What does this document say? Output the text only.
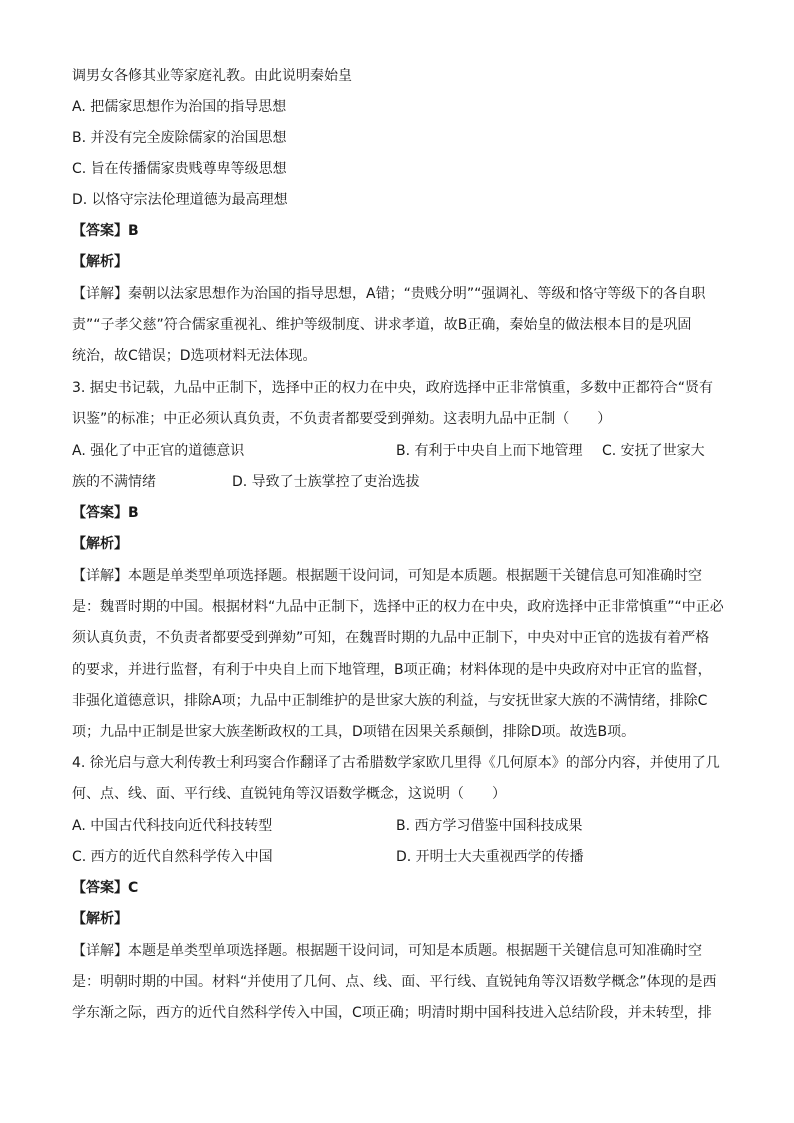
调男女各修其业等家庭礼教。由此说明秦始皇
A. 把儒家思想作为治国的指导思想
B. 并没有完全废除儒家的治国思想
C. 旨在传播儒家贵贱尊卑等级思想
D. 以恪守宗法伦理道德为最高理想
【答案】B
【解析】
【详解】秦朝以法家思想作为治国的指导思想，A错；“贵贱分明”“强调礼、等级和恪守等级下的各自职
责”“子孝父慈”符合儒家重视礼、维护等级制度、讲求孝道，故B正确，秦始皇的做法根本目的是巩固
统治，故C错误；D选项材料无法体现。
3. 据史书记载，九品中正制下，选择中正的权力在中央，政府选择中正非常慎重，多数中正都符合“贤有
识鉴”的标准；中正必须认真负责，不负责者都要受到弹劾。这表明九品中正制（　　）
A. 强化了中正官的道德意识	B. 有利于中央自上而下地管理 C. 安抚了世家大
族的不满情绪	D. 导致了士族掌控了吏治选拔
【答案】B
【解析】
【详解】本题是单类型单项选择题。根据题干设问词，可知是本质题。根据题干关键信息可知准确时空
是：魏晋时期的中国。根据材料“九品中正制下，选择中正的权力在中央，政府选择中正非常慎重”“中正必
须认真负责，不负责者都要受到弹劾”可知，在魏晋时期的九品中正制下，中央对中正官的选拔有着严格
的要求，并进行监督，有利于中央自上而下地管理，B项正确；材料体现的是中央政府对中正官的监督，
非强化道德意识，排除A项；九品中正制维护的是世家大族的利益，与安抚世家大族的不满情绪，排除C
项；九品中正制是世家大族垄断政权的工具，D项错在因果关系颠倒，排除D项。故选B项。
4. 徐光启与意大利传教士利玛窦合作翻译了古希腊数学家欧几里得《几何原本》的部分内容，并使用了几
何、点、线、面、平行线、直锐钝角等汉语数学概念，这说明（　　）
A. 中国古代科技向近代科技转型	B. 西方学习借鉴中国科技成果
C. 西方的近代自然科学传入中国	D. 开明士大夫重视西学的传播
【答案】C
【解析】
【详解】本题是单类型单项选择题。根据题干设问词，可知是本质题。根据题干关键信息可知准确时空
是：明朝时期的中国。材料“并使用了几何、点、线、面、平行线、直锐钝角等汉语数学概念”体现的是西
学东渐之际，西方的近代自然科学传入中国，C项正确；明清时期中国科技进入总结阶段，并未转型，排
